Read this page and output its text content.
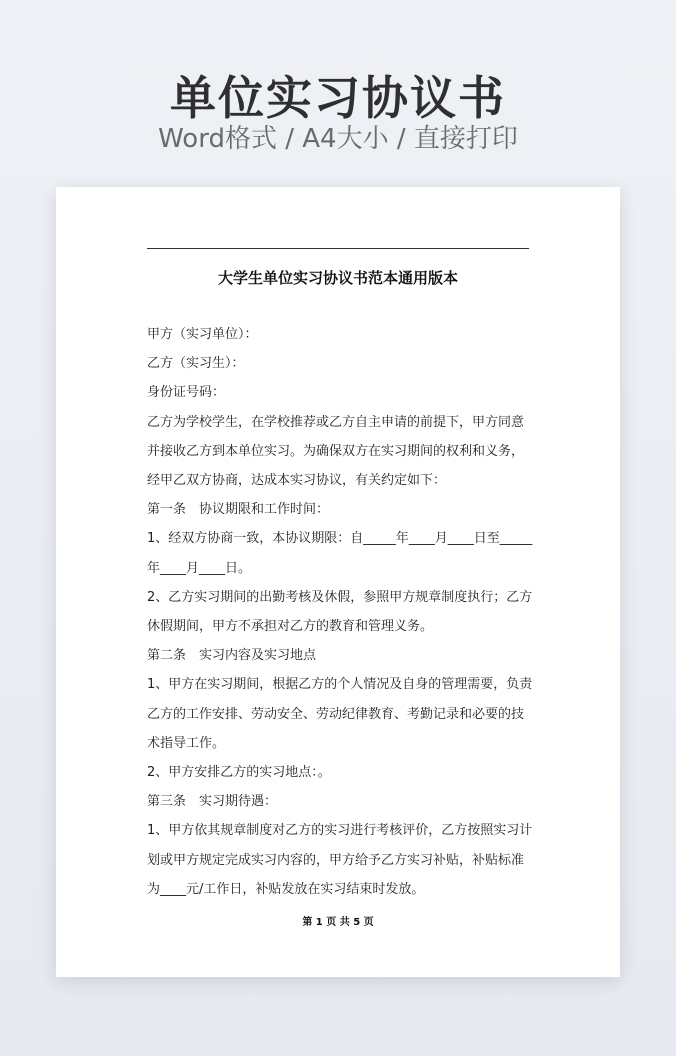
单位实习协议书
Word格式 / A4大小 / 直接打印
大学生单位实习协议书范本通用版本

甲方（实习单位）：

乙方（实习生）：

身份证号码：

乙方为学校学生，在学校推荐或乙方自主申请的前提下，甲方同意并接收乙方到本单位实习。为确保双方在实习期间的权利和义务，经甲乙双方协商，达成本实习协议，有关约定如下：

第一条　协议期限和工作时间：

1、经双方协商一致，本协议期限：自_____年____月____日至_____年____月____日。

2、乙方实习期间的出勤考核及休假，参照甲方规章制度执行；乙方休假期间，甲方不承担对乙方的教育和管理义务。

第二条　实习内容及实习地点

1、甲方在实习期间，根据乙方的个人情况及自身的管理需要，负责乙方的工作安排、劳动安全、劳动纪律教育、考勤记录和必要的技术指导工作。

2、甲方安排乙方的实习地点：。

第三条　实习期待遇：

1、甲方依其规章制度对乙方的实习进行考核评价，乙方按照实习计划或甲方规定完成实习内容的，甲方给予乙方实习补贴，补贴标准为____元/工作日，补贴发放在实习结束时发放。

第 1 页 共 5 页
